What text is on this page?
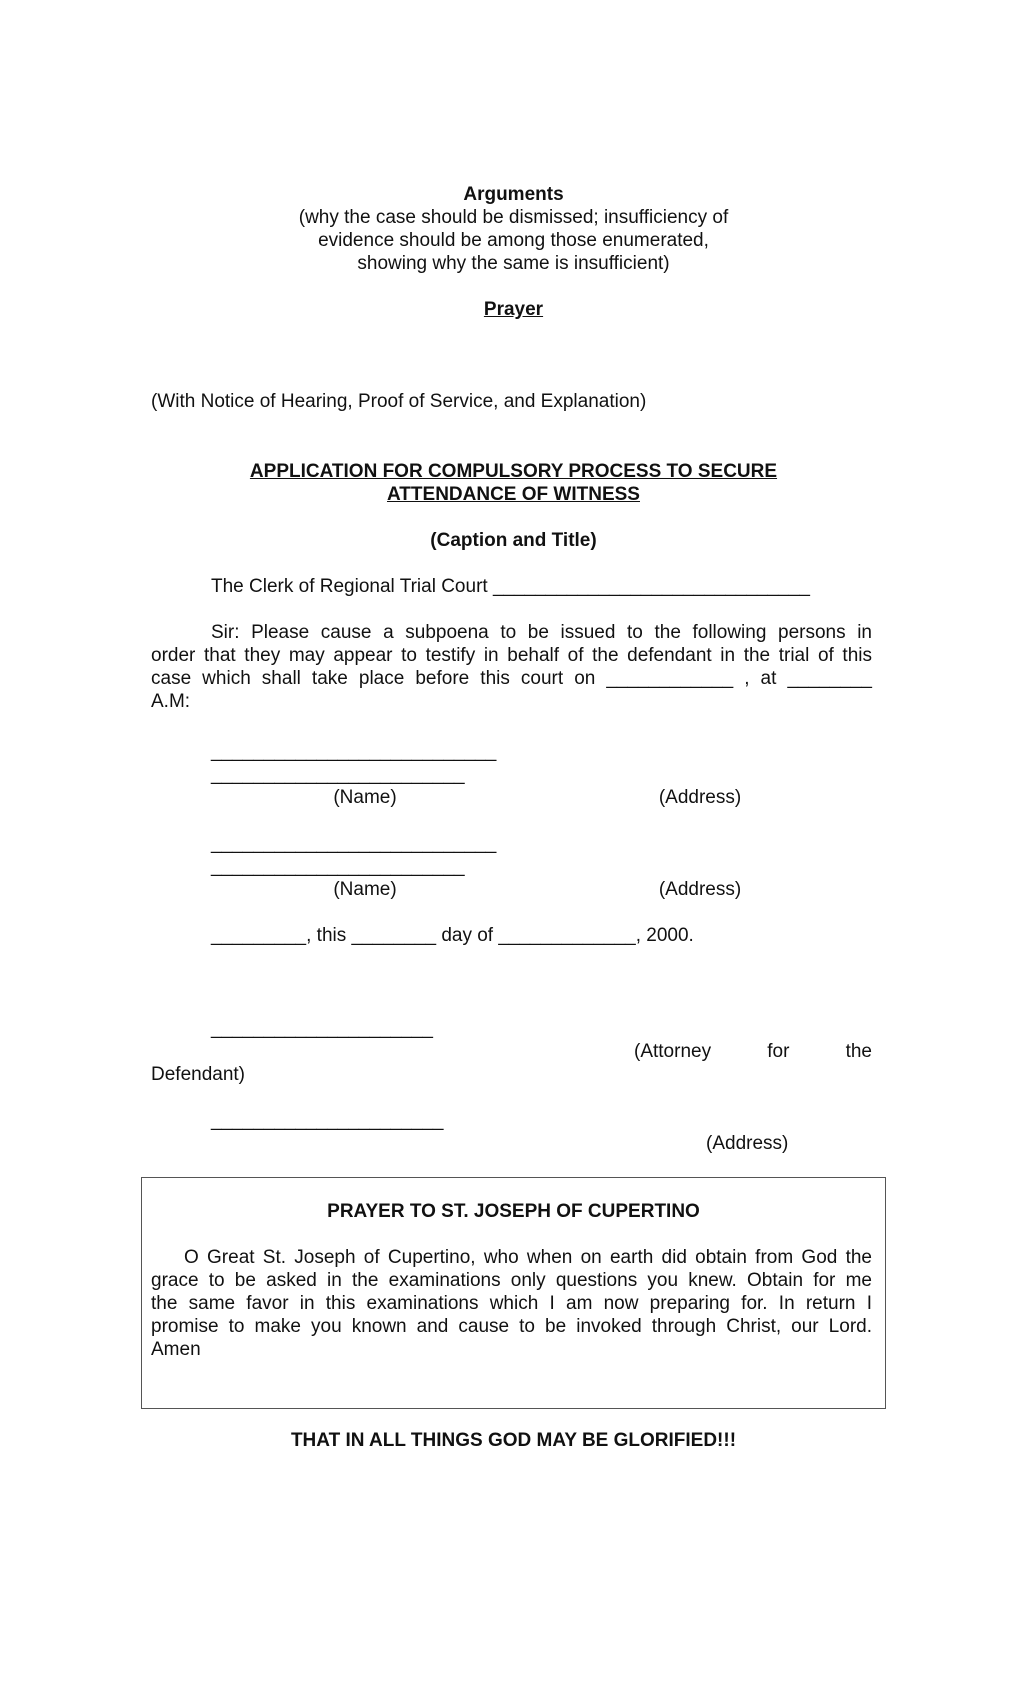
Arguments
(why the case should be dismissed; insufficiency of
evidence should be among those enumerated,
showing why the same is insufficient)
Prayer
(With Notice of Hearing, Proof of Service, and Explanation)
APPLICATION FOR COMPULSORY PROCESS TO SECURE
ATTENDANCE OF WITNESS
(Caption and Title)
The Clerk of Regional Trial Court ______________________________
Sir: Please cause a subpoena to be issued to the following persons in
order that they may appear to testify in behalf of the defendant in the trial of this
case which shall take place before this court on ____________ , at ________
A.M:
___________________________
________________________
(Name)	(Address)
___________________________
________________________
(Name)	(Address)
_________, this ________ day of _____________, 2000.
_____________________
(Attorney	for	the
Defendant)
______________________
(Address)
PRAYER TO ST. JOSEPH OF CUPERTINO
O Great St. Joseph of Cupertino, who when on earth did obtain from God the
grace to be asked in the examinations only questions you knew. Obtain for me
the same favor in this examinations which I am now preparing for. In return I
promise to make you known and cause to be invoked through Christ, our Lord.
Amen
THAT IN ALL THINGS GOD MAY BE GLORIFIED!!!
